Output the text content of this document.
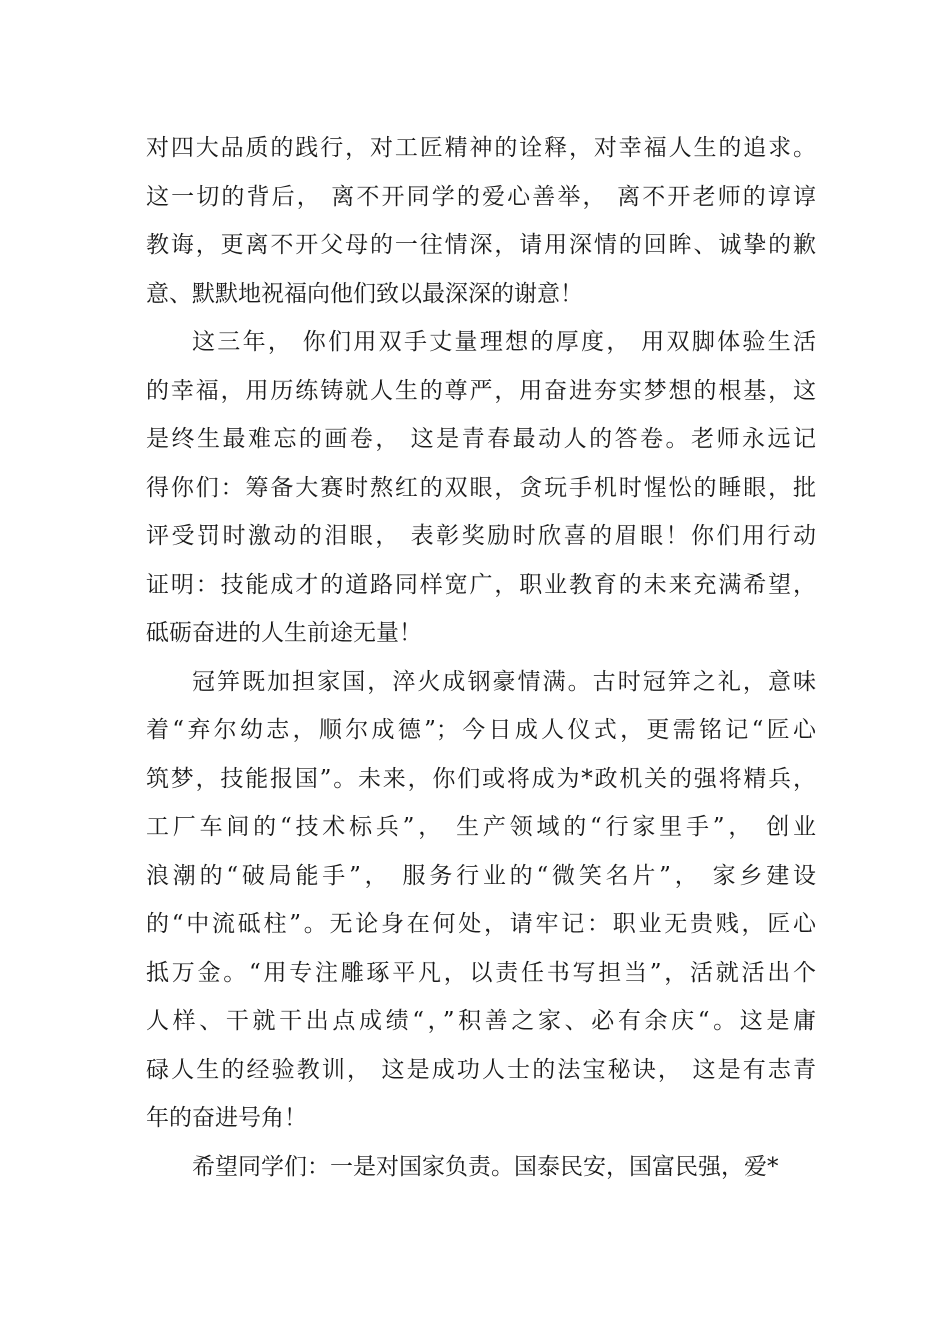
对四大品质的践行，对工匠精神的诠释，对幸福人生的追求。
这一切的背后， 离不开同学的爱心善举， 离不开老师的谆谆
教诲，更离不开父母的一往情深，请用深情的回眸、诚挚的歉
意、默默地祝福向他们致以最深深的谢意！
这三年， 你们用双手丈量理想的厚度， 用双脚体验生活
的幸福，用历练铸就人生的尊严，用奋进夯实梦想的根基，这
是终生最难忘的画卷， 这是青春最动人的答卷。老师永远记
得你们：筹备大赛时熬红的双眼，贪玩手机时惺忪的睡眼，批
评受罚时激动的泪眼， 表彰奖励时欣喜的眉眼！你们用行动
证明：技能成才的道路同样宽广，职业教育的未来充满希望，
砥砺奋进的人生前途无量！
冠笄既加担家国，淬火成钢豪情满。古时冠笄之礼，意味
着“弃尔幼志，顺尔成德”；今日成人仪式，更需铭记“匠心
筑梦，技能报国”。未来，你们或将成为*政机关的强将精兵，
工厂车间的“技术标兵”， 生产领域的“行家里手”， 创业
浪潮的“破局能手”， 服务行业的“微笑名片”， 家乡建设
的“中流砥柱”。无论身在何处，请牢记：职业无贵贱，匠心
抵万金。“用专注雕琢平凡，以责任书写担当”，活就活出个
人样、干就干出点成绩“，”积善之家、必有余庆“。这是庸
碌人生的经验教训， 这是成功人士的法宝秘诀， 这是有志青
年的奋进号角！
希望同学们：一是对国家负责。国泰民安，国富民强，爱*
